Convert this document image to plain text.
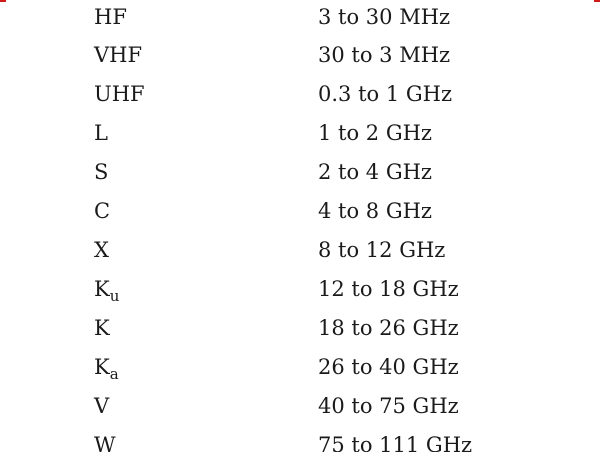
HF	3 to 30 MHz
VHF	30 to 3 MHz
UHF	0.3 to 1 GHz
L	1 to 2 GHz
S	2 to 4 GHz
C	4 to 8 GHz
X	8 to 12 GHz
$K_u$	12 to 18 GHz
K	18 to 26 GHz
$K_a$	26 to 40 GHz
V	40 to 75 GHz
W	75 to 111 GHz
